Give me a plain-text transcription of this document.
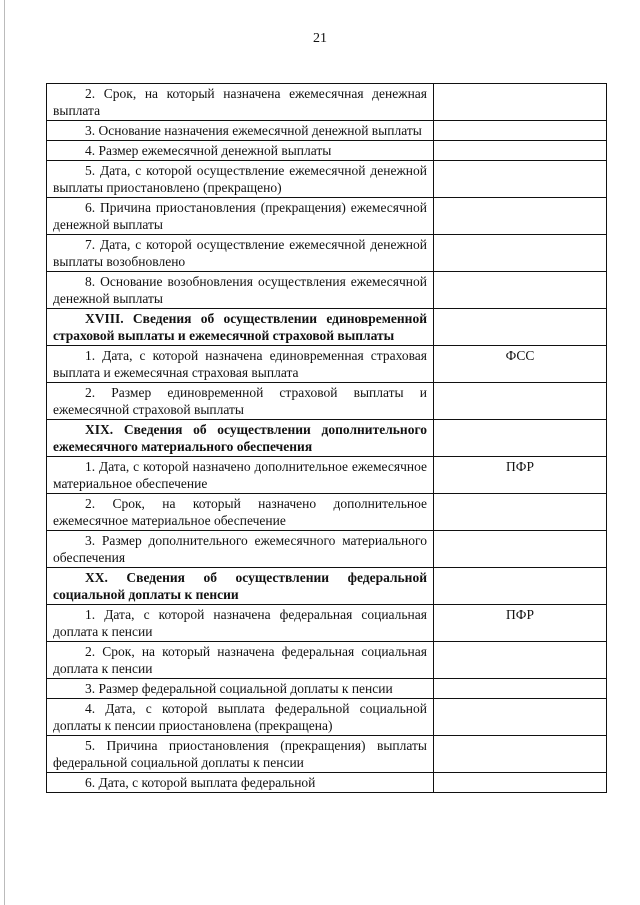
21
2. Срок, на который назначена ежемесячная денежная выплата	

3. Основание назначения ежемесячной денежной выплаты	

4. Размер ежемесячной денежной выплаты	

5. Дата, с которой осуществление ежемесячной денежной выплаты приостановлено (прекращено)	

6. Причина приостановления (прекращения) ежемесячной денежной выплаты	

7. Дата, с которой осуществление ежемесячной денежной выплаты возобновлено	

8. Основание возобновления осуществления ежемесячной денежной выплаты	

XVIII. Сведения об осуществлении единовременной страховой выплаты и ежемесячной страховой выплаты	

1. Дата, с которой назначена единовременная страховая выплата и ежемесячная страховая выплата	ФСС

2. Размер единовременной страховой выплаты и ежемесячной страховой выплаты	

XIX. Сведения об осуществлении дополнительного ежемесячного материального обеспечения	

1. Дата, с которой назначено дополнительное ежемесячное материальное обеспечение	ПФР

2. Срок, на который назначено дополнительное ежемесячное материальное обеспечение	

3. Размер дополнительного ежемесячного материального обеспечения	

XX. Сведения об осуществлении федеральной социальной доплаты к пенсии	

1. Дата, с которой назначена федеральная социальная доплата к пенсии	ПФР

2. Срок, на который назначена федеральная социальная доплата к пенсии	

3. Размер федеральной социальной доплаты к пенсии	

4. Дата, с которой выплата федеральной социальной доплаты к пенсии приостановлена (прекращена)	

5. Причина приостановления (прекращения) выплаты федеральной социальной доплаты к пенсии	

6. Дата, с которой выплата федеральной	
